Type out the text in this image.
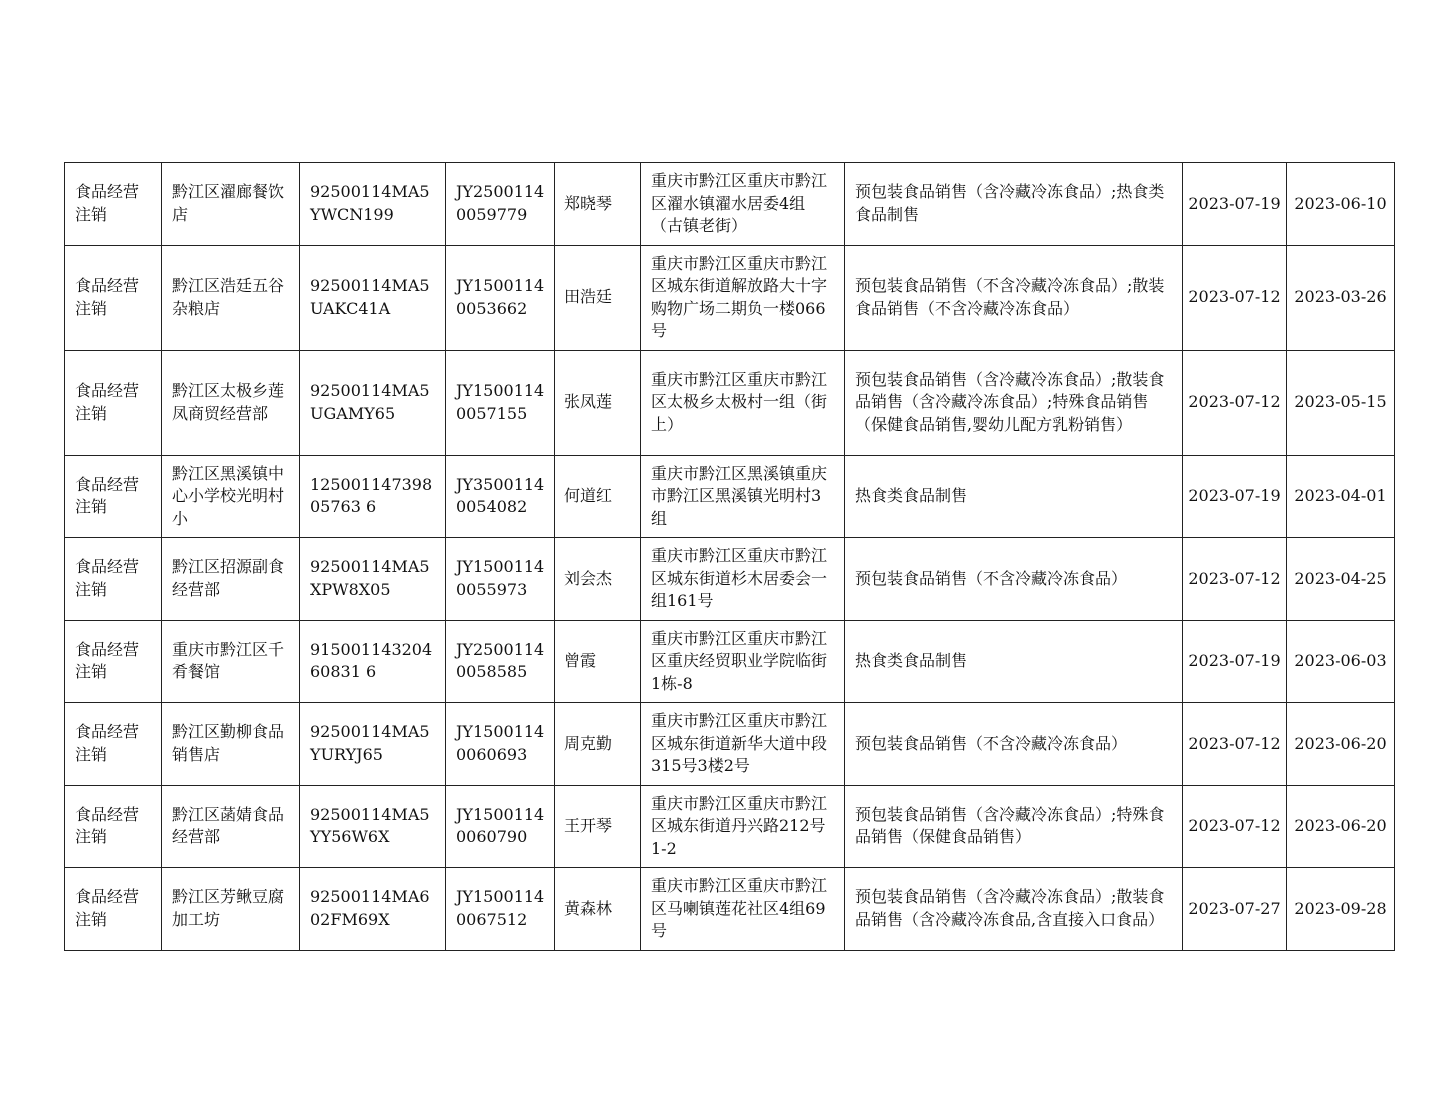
食品经营注销	黔江区濯廊餐饮店	92500114MA5YWCN199	JY25001140059779	郑晓琴	重庆市黔江区重庆市黔江区濯水镇濯水居委4组（古镇老街）	预包装食品销售（含冷藏冷冻食品）;热食类食品制售	2023-07-19	2023-06-10
食品经营注销	黔江区浩廷五谷杂粮店	92500114MA5UAKC41A	JY15001140053662	田浩廷	重庆市黔江区重庆市黔江区城东街道解放路大十字购物广场二期负一楼066号	预包装食品销售（不含冷藏冷冻食品）;散装食品销售（不含冷藏冷冻食品）	2023-07-12	2023-03-26
食品经营注销	黔江区太极乡莲凤商贸经营部	92500114MA5UGAMY65	JY15001140057155	张凤莲	重庆市黔江区重庆市黔江区太极乡太极村一组（街上）	预包装食品销售（含冷藏冷冻食品）;散装食品销售（含冷藏冷冻食品）;特殊食品销售（保健食品销售,婴幼儿配方乳粉销售）	2023-07-12	2023-05-15
食品经营注销	黔江区黑溪镇中心小学校光明村小	12500114739805763 6	JY35001140054082	何道红	重庆市黔江区黑溪镇重庆市黔江区黑溪镇光明村3组	热食类食品制售	2023-07-19	2023-04-01
食品经营注销	黔江区招源副食经营部	92500114MA5XPW8X05	JY15001140055973	刘会杰	重庆市黔江区重庆市黔江区城东街道杉木居委会一组161号	预包装食品销售（不含冷藏冷冻食品）	2023-07-12	2023-04-25
食品经营注销	重庆市黔江区千肴餐馆	91500114320460831 6	JY25001140058585	曾霞	重庆市黔江区重庆市黔江区重庆经贸职业学院临街1栋-8	热食类食品制售	2023-07-19	2023-06-03
食品经营注销	黔江区勤柳食品销售店	92500114MA5YURYJ65	JY15001140060693	周克勤	重庆市黔江区重庆市黔江区城东街道新华大道中段315号3楼2号	预包装食品销售（不含冷藏冷冻食品）	2023-07-12	2023-06-20
食品经营注销	黔江区菡婧食品经营部	92500114MA5YY56W6X	JY15001140060790	王开琴	重庆市黔江区重庆市黔江区城东街道丹兴路212号1-2	预包装食品销售（含冷藏冷冻食品）;特殊食品销售（保健食品销售）	2023-07-12	2023-06-20
食品经营注销	黔江区芳鳅豆腐加工坊	92500114MA602FM69X	JY15001140067512	黄森林	重庆市黔江区重庆市黔江区马喇镇莲花社区4组69号	预包装食品销售（含冷藏冷冻食品）;散装食品销售（含冷藏冷冻食品,含直接入口食品）	2023-07-27	2023-09-28
